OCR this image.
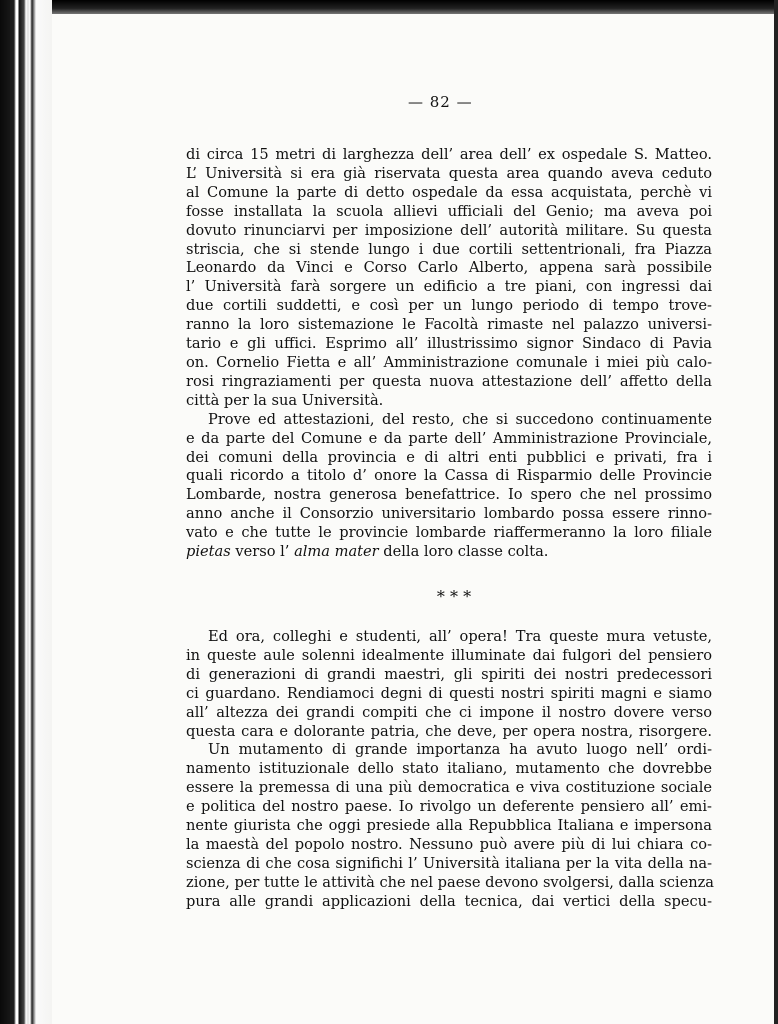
— 82 —
di circa 15 metri di larghezza dell’ area dell’ ex ospedale S. Matteo.
L’ Università si era già riservata questa area quando aveva ceduto
al Comune la parte di detto ospedale da essa acquistata, perchè vi
fosse installata la scuola allievi ufficiali del Genio; ma aveva poi
dovuto rinunciarvi per imposizione dell’ autorità militare. Su questa
striscia, che si stende lungo i due cortili settentrionali, fra Piazza
Leonardo da Vinci e Corso Carlo Alberto, appena sarà possibile
l’ Università farà sorgere un edificio a tre piani, con ingressi dai
due cortili suddetti, e così per un lungo periodo di tempo trove-
ranno la loro sistemazione le Facoltà rimaste nel palazzo universi-
tario e gli uffici. Esprimo all’ illustrissimo signor Sindaco di Pavia
on. Cornelio Fietta e all’ Amministrazione comunale i miei più calo-
rosi ringraziamenti per questa nuova attestazione dell’ affetto della
città per la sua Università.
Prove ed attestazioni, del resto, che si succedono continuamente
e da parte del Comune e da parte dell’ Amministrazione Provinciale,
dei comuni della provincia e di altri enti pubblici e privati, fra i
quali ricordo a titolo d’ onore la Cassa di Risparmio delle Provincie
Lombarde, nostra generosa benefattrice. Io spero che nel prossimo
anno anche il Consorzio universitario lombardo possa essere rinno-
vato e che tutte le provincie lombarde riaffermeranno la loro filiale
pietas verso l’ alma mater della loro classe colta.
* * *
Ed ora, colleghi e studenti, all’ opera! Tra queste mura vetuste,
in queste aule solenni idealmente illuminate dai fulgori del pensiero
di generazioni di grandi maestri, gli spiriti dei nostri predecessori
ci guardano. Rendiamoci degni di questi nostri spiriti magni e siamo
all’ altezza dei grandi compiti che ci impone il nostro dovere verso
questa cara e dolorante patria, che deve, per opera nostra, risorgere.
Un mutamento di grande importanza ha avuto luogo nell’ ordi-
namento istituzionale dello stato italiano, mutamento che dovrebbe
essere la premessa di una più democratica e viva costituzione sociale
e politica del nostro paese. Io rivolgo un deferente pensiero all’ emi-
nente giurista che oggi presiede alla Repubblica Italiana e impersona
la maestà del popolo nostro. Nessuno può avere più di lui chiara co-
scienza di che cosa significhi l’ Università italiana per la vita della na-
zione, per tutte le attività che nel paese devono svolgersi, dalla scienza
pura alle grandi applicazioni della tecnica, dai vertici della specu-
